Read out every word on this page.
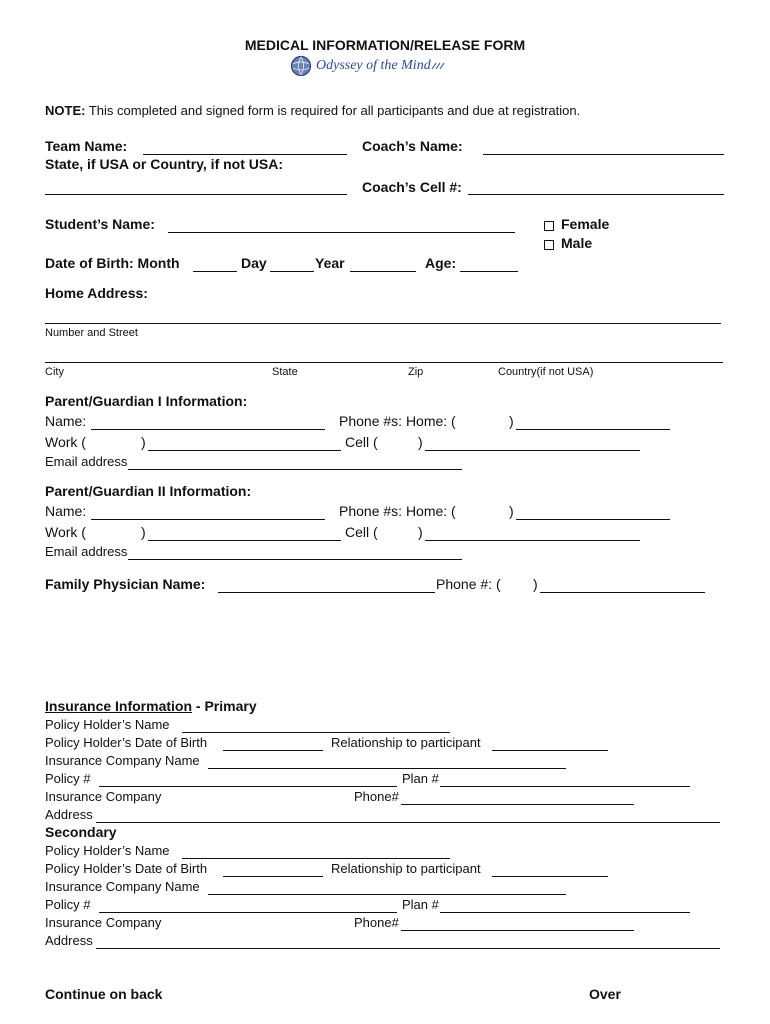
MEDICAL INFORMATION/RELEASE FORM
Odyssey of the Mind
NOTE: This completed and signed form is required for all participants and due at registration.
Team Name:	Coach’s Name:
State, if USA or Country, if not USA:
Coach’s Cell #:
Student’s Name:	Female
Male
Date of Birth: Month	Day	Year	Age:
Home Address:
Number and Street
City	State	Zip	Country(if not USA)
Parent/Guardian I Information:
Name:	Phone #s: Home: (	)
Work (	)	Cell (	)
Email address
Parent/Guardian II Information:
Name:	Phone #s: Home: (	)
Work (	)	Cell (	)
Email address
Family Physician Name:	Phone #: ( )
Insurance Information - Primary
Policy Holder’s Name
Policy Holder’s Date of Birth	Relationship to participant
Insurance Company Name
Policy #	Plan #
Insurance Company	Phone#
Address
Secondary
Policy Holder’s Name
Policy Holder’s Date of Birth	Relationship to participant
Insurance Company Name
Policy #	Plan #
Insurance Company	Phone#
Address
Continue on back	Over
